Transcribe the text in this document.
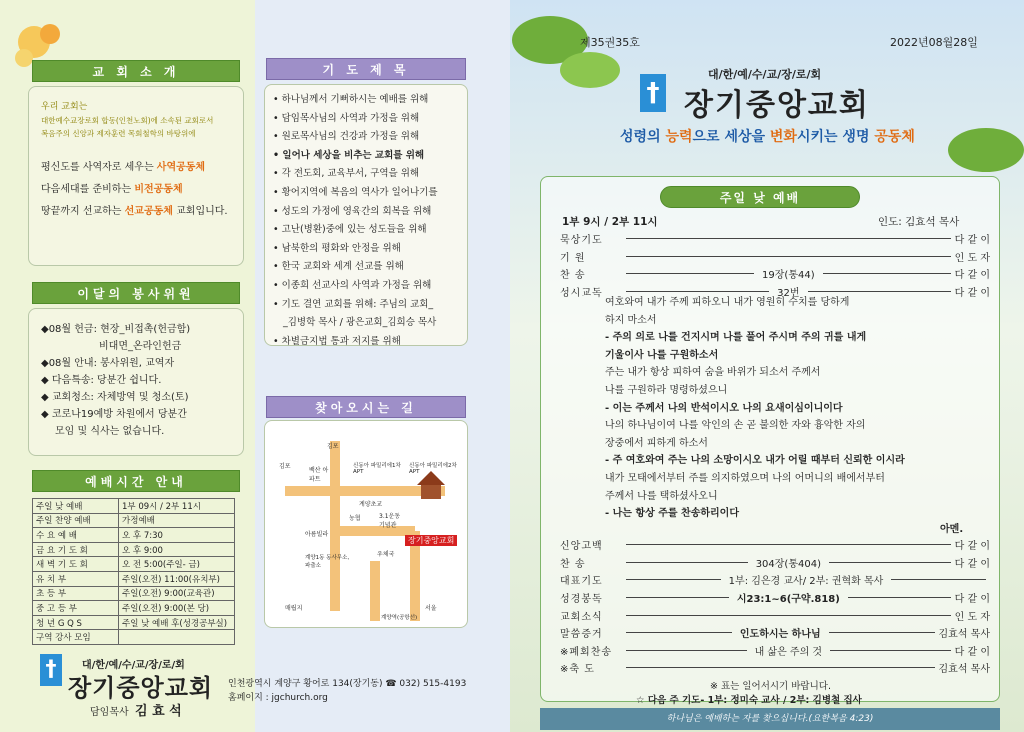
교 회 소 개
우리 교회는
대한예수교장로회 합동(인천노회)에 소속된 교회로서
복음주의 신앙과 제자훈련 목회철학의 바탕위에
평신도를 사역자로 세우는 사역공동체
다음세대를 준비하는 비전공동체
땅끝까지 선교하는 선교공동체 교회입니다.
이달의 봉사위원
◆08월 헌금: 현장_비접촉(헌금함)
비대면_온라인헌금
◆08월 안내: 봉사위원, 교역자
◆ 다음특송: 당분간 쉽니다.
◆ 교회청소: 자체방역 및 청소(토)
◆ 코로나19예방 차원에서 당분간
모임 및 식사는 없습니다.
예배시간 안내
주일 낮 예배	1부 09시 / 2부 11시
주일 찬양 예배	가정예배
수 요 예 배	오 후 7:30
금 요 기 도 회	오 후 9:00
새 벽 기 도 회	오 전 5:00(주일- 금)
유 치 부	주일(오전) 11:00(유치부)
초 등 부	주일(오전) 9:00(교육관)
중 고 등 부	주일(오전) 9:00(본 당)
청 년 G Q S	주일 낮 예배 후(성경공부실)
구역 강사 모임	
†	대/한/예/수/교/장/로/회
장기중앙교회
담임목사 김 효 석
인천광역시 계양구 황어로 134(장기동) ☎ 032) 515-4193
홈페이지 : jgchurch.org
기 도 제 목
• 하나님께서 기뻐하시는 예배를 위해
• 담임목사님의 사역과 가정을 위해
• 원로목사님의 건강과 가정을 위해
• 일어나 세상을 비추는 교회를 위해
• 각 전도회, 교육부서, 구역을 위해
• 황어지역에 복음의 역사가 일어나기를
• 성도의 가정에 영육간의 회복을 위해
• 고난(병환)중에 있는 성도들을 위해
• 남북한의 평화와 안정을 위해
• 한국 교회와 세계 선교를 위해
• 이종희 선교사의 사역과 가정을 위해
• 기도 결연 교회를 위해: 주님의 교회_
_김병학 목사 / 광은교회_김희승 목사
• 차별금지법 통과 저지를 위해
찾아오시는 길
김포
김포
백산 아파트
신동아 파밀리에1차APT
신동아 파밀리에2차APT
계양초교
농협	3.1운동 기념관
아름빌라
계양1동 동사무소,파출소
우체국
매립지
계양역(공항선)
서울
장기중앙교회
제35권35호	2022년08월28일
†
대/한/예/수/교/장/로/회
장기중앙교회
성령의 능력으로 세상을 변화시키는 생명 공동체
주일 낮 예배
1부 9시 / 2부 11시	인도: 김효석 목사
묵상기도	다 같 이
기 원	인 도 자
찬 송	19장(통44)	다 같 이
성시교독	32번	다 같 이
여호와여 내가 주께 피하오니 내가 영원히 수치를 당하게
하지 마소서
- 주의 의로 나를 건지시며 나를 풀어 주시며 주의 귀를 내게
기울이사 나를 구원하소서
주는 내가 항상 피하여 숨을 바위가 되소서 주께서
나를 구원하라 명령하셨으니
- 이는 주께서 나의 반석이시오 나의 요새이심이니이다
나의 하나님이여 나를 악인의 손 곧 불의한 자와 흉악한 자의
장중에서 피하게 하소서
- 주 여호와여 주는 나의 소망이시오 내가 어릴 때부터 신뢰한 이시라
내가 모태에서부터 주를 의지하였으며 나의 어머니의 배에서부터
주께서 나를 택하셨사오니
- 나는 항상 주를 찬송하리이다
아멘.
신앙고백	다 같 이
찬 송	304장(통404)	다 같 이
대표기도	1부: 김은경 교사/ 2부: 권혁화 목사
성경봉독	시23:1~6(구약.818)	다 같 이
교회소식	인 도 자
말씀증거	인도하시는 하나님	김효석 목사
※폐회찬송	내 삶은 주의 것	다 같 이
※축 도	김효석 목사
※ 표는 일어서시기 바랍니다.
☆ 다음 주 기도- 1부: 정미숙 교사 / 2부: 김병철 집사
하나님은 예배하는 자를 찾으십니다.(요한복음 4:23)
